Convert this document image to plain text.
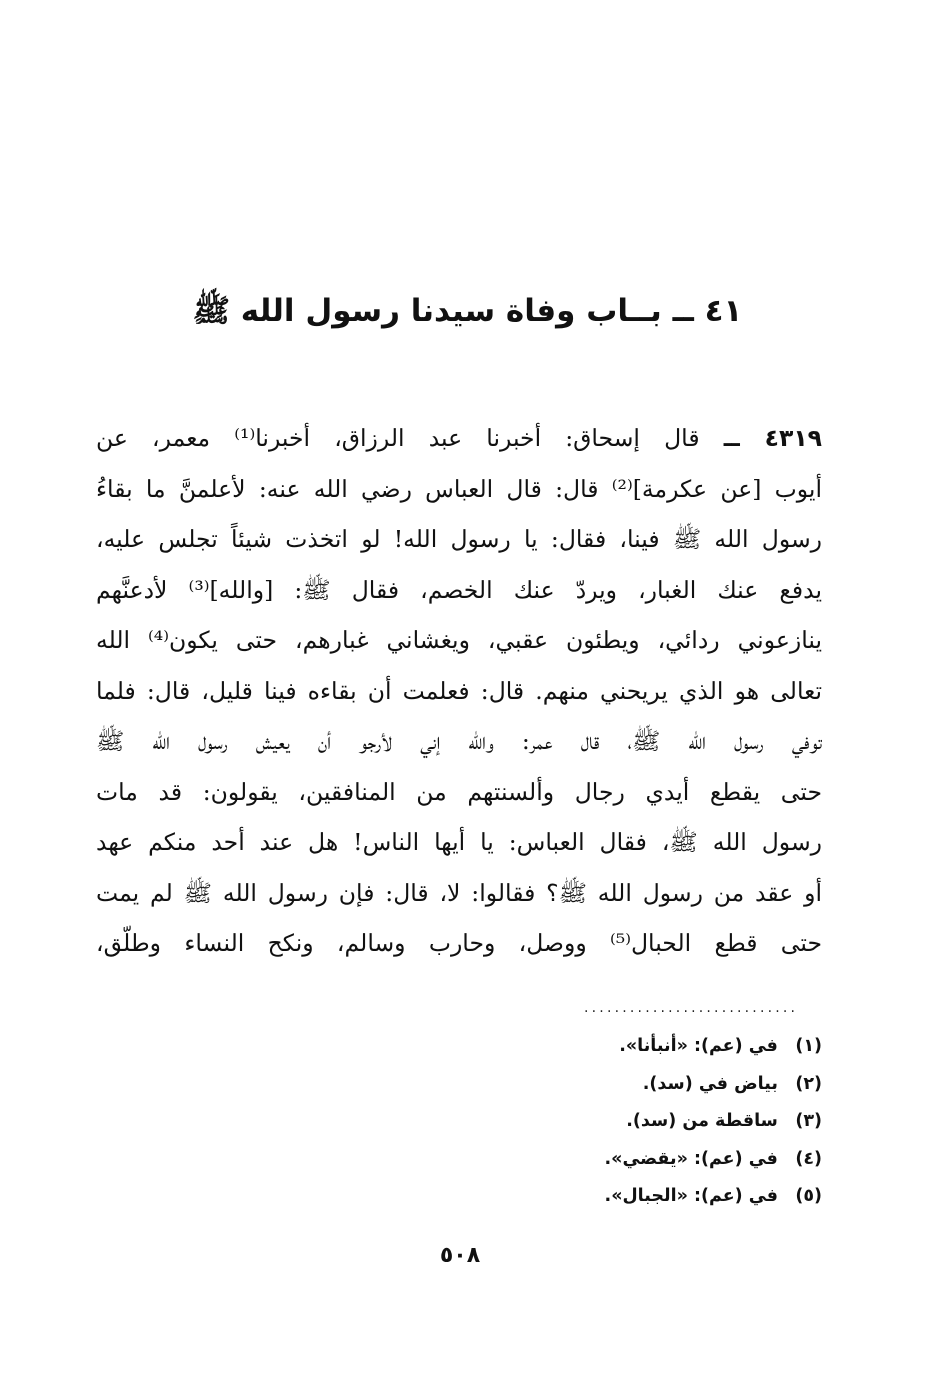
٤١ ــ بــاب وفاة سيدنا رسول الله ﷺ
٤٣١٩ ــ قال إسحاق: أخبرنا عبد الرزاق، أخبرنا⁽¹⁾ معمر، عن
أيوب [عن عكرمة]⁽²⁾ قال: قال العباس رضي الله عنه: لأعلمنَّ ما بقاءُ
رسول الله ﷺ فينا، فقال: يا رسول الله! لو اتخذت شيئاً تجلس عليه،
يدفع عنك الغبار، ويردّ عنك الخصم، فقال ﷺ: [والله]⁽³⁾ لأدعنَّهم
ينازعوني ردائي، ويطئون عقبي، ويغشاني غبارهم، حتى يكون⁽⁴⁾ الله
تعالى هو الذي يريحني منهم. قال: فعلمت أن بقاءه فينا قليل، قال: فلما
توفي رسول الله ﷺ، قال عمر: والله إني لأرجو أن يعيش رسول الله ﷺ
حتى يقطع أيدي رجال وألسنتهم من المنافقين، يقولون: قد مات
رسول الله ﷺ، فقال العباس: يا أيها الناس! هل عند أحد منكم عهد
أو عقد من رسول الله ﷺ؟ فقالوا: لا، قال: فإن رسول الله ﷺ لم يمت
حتى قطع الحبال⁽⁵⁾ ووصل، وحارب وسالم، ونكح النساء وطلّق،
............................
(١) في (عم): «أنبأنا».
(٢) بياض في (سد).
(٣) ساقطة من (سد).
(٤) في (عم): «يقضي».
(٥) في (عم): «الجبال».
٥٠٨
